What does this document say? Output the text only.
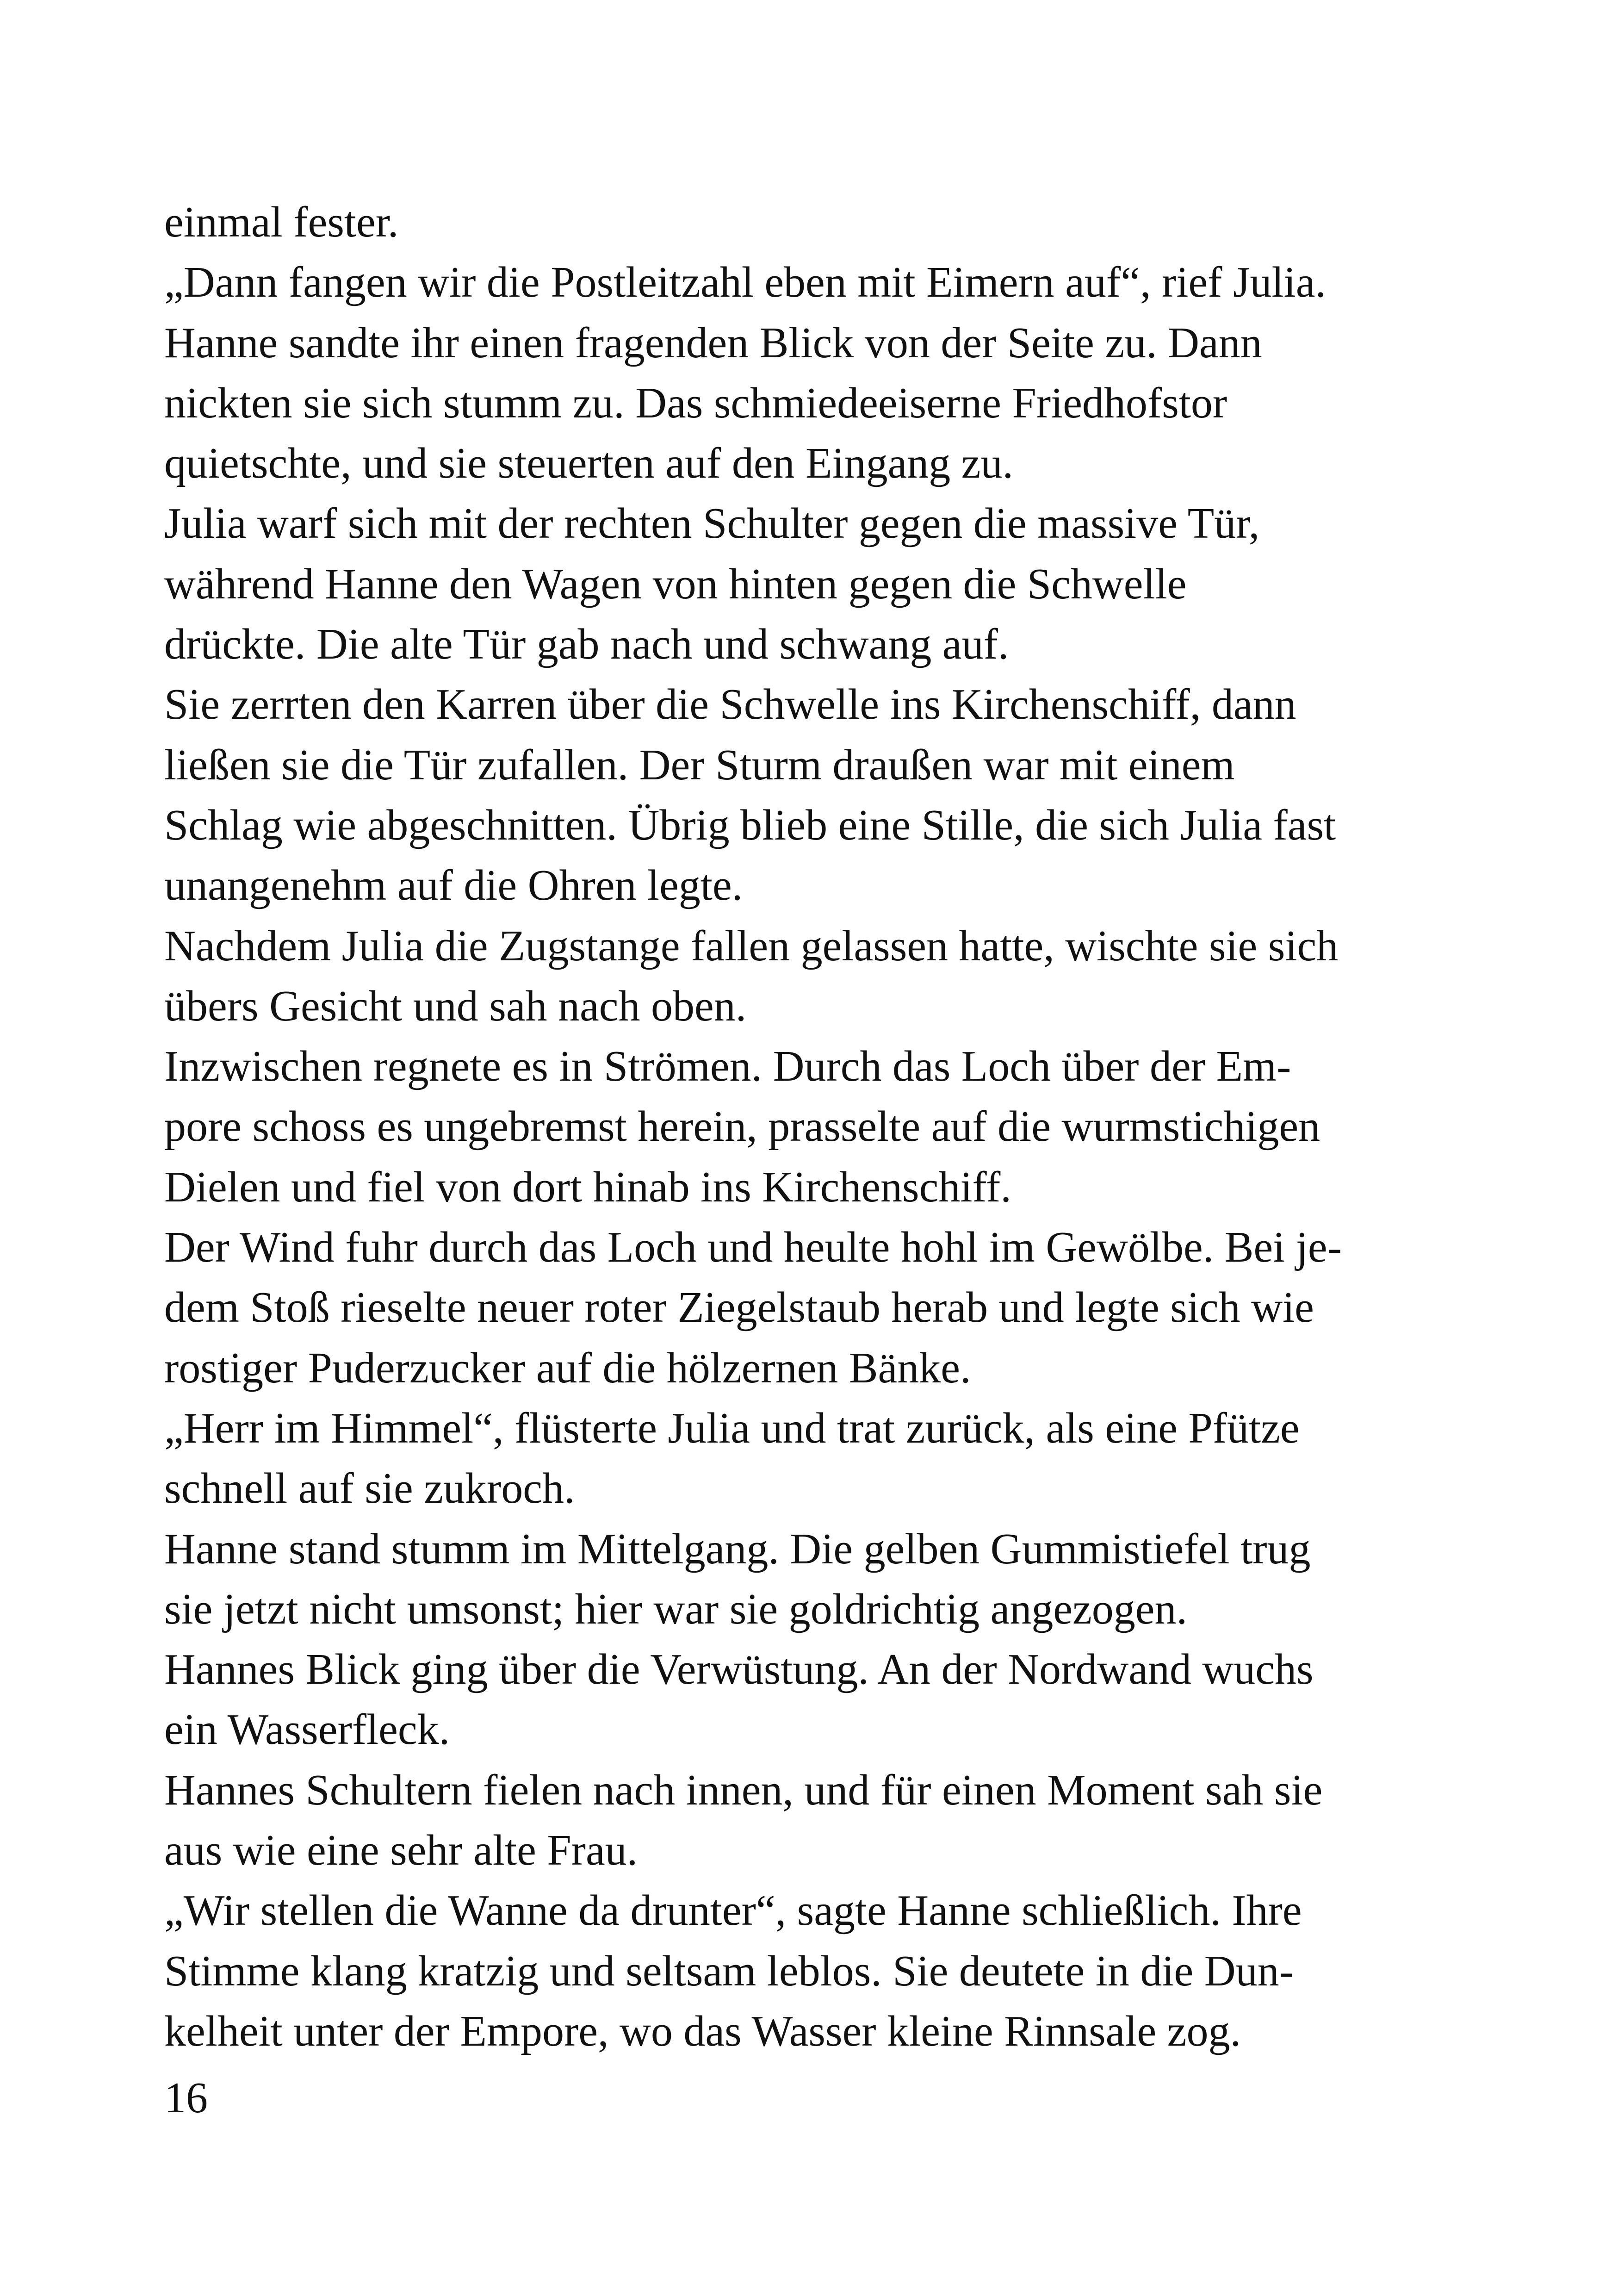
einmal fester.
„Dann fangen wir die Postleitzahl eben mit Eimern auf“, rief Julia.
Hanne sandte ihr einen fragenden Blick von der Seite zu. Dann
nickten sie sich stumm zu. Das schmiedeeiserne Friedhofstor
quietschte, und sie steuerten auf den Eingang zu.
Julia warf sich mit der rechten Schulter gegen die massive Tür,
während Hanne den Wagen von hinten gegen die Schwelle
drückte. Die alte Tür gab nach und schwang auf.
Sie zerrten den Karren über die Schwelle ins Kirchenschiff, dann
ließen sie die Tür zufallen. Der Sturm draußen war mit einem
Schlag wie abgeschnitten. Übrig blieb eine Stille, die sich Julia fast
unangenehm auf die Ohren legte.
Nachdem Julia die Zugstange fallen gelassen hatte, wischte sie sich
übers Gesicht und sah nach oben.
Inzwischen regnete es in Strömen. Durch das Loch über der Em-
pore schoss es ungebremst herein, prasselte auf die wurmstichigen
Dielen und fiel von dort hinab ins Kirchenschiff.
Der Wind fuhr durch das Loch und heulte hohl im Gewölbe. Bei je-
dem Stoß rieselte neuer roter Ziegelstaub herab und legte sich wie
rostiger Puderzucker auf die hölzernen Bänke.
„Herr im Himmel“, flüsterte Julia und trat zurück, als eine Pfütze
schnell auf sie zukroch.
Hanne stand stumm im Mittelgang. Die gelben Gummistiefel trug
sie jetzt nicht umsonst; hier war sie goldrichtig angezogen.
Hannes Blick ging über die Verwüstung. An der Nordwand wuchs
ein Wasserfleck.
Hannes Schultern fielen nach innen, und für einen Moment sah sie
aus wie eine sehr alte Frau.
„Wir stellen die Wanne da drunter“, sagte Hanne schließlich. Ihre
Stimme klang kratzig und seltsam leblos. Sie deutete in die Dun-
kelheit unter der Empore, wo das Wasser kleine Rinnsale zog.
16
